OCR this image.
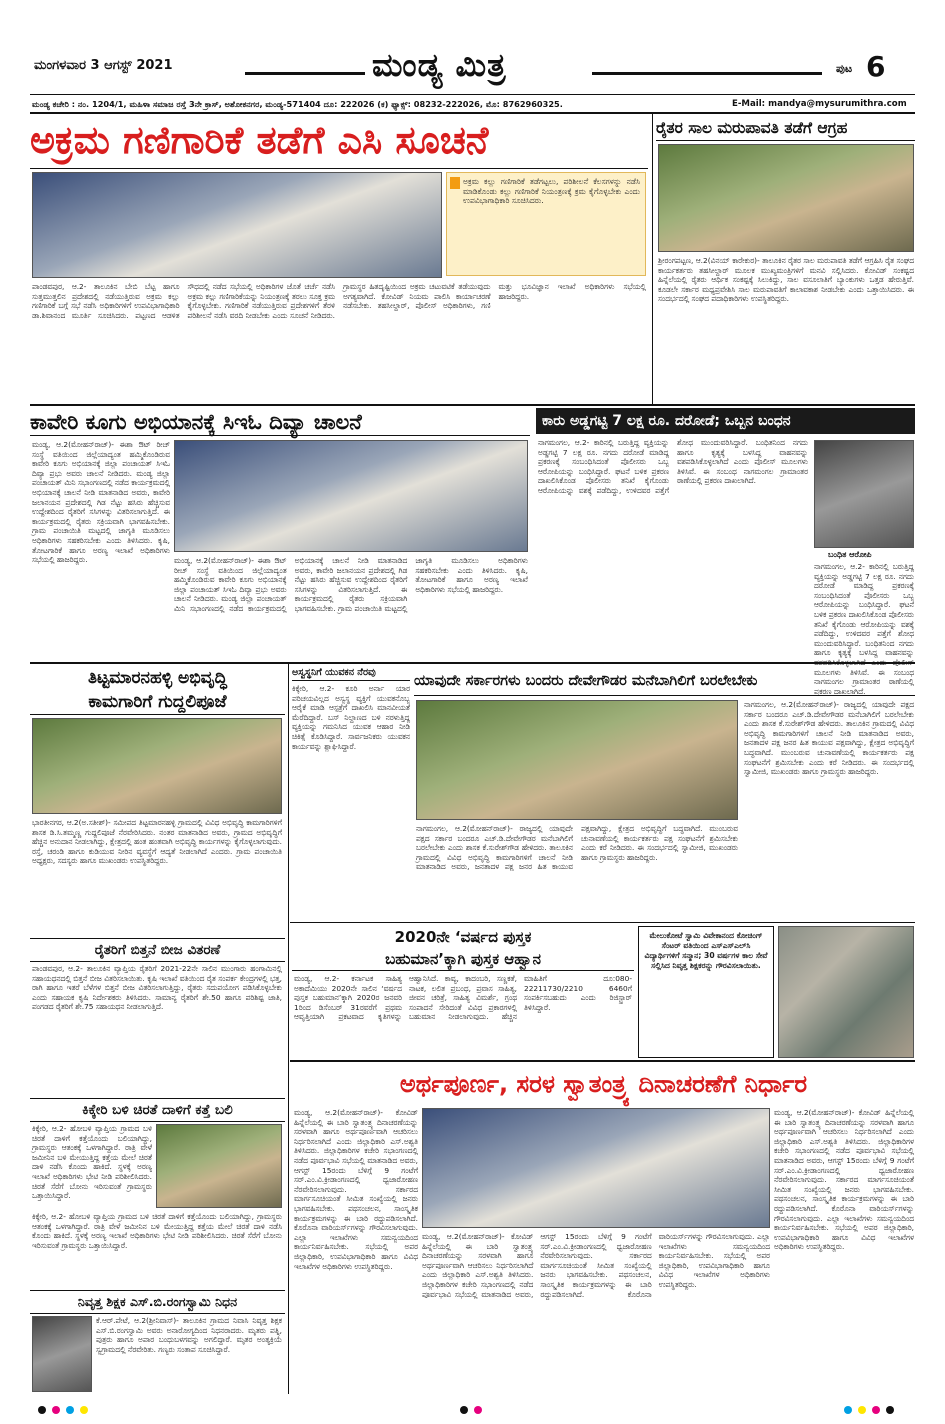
ಮಂಗಳವಾರ 3 ಆಗಸ್ಟ್ 2021	ಮಂಡ್ಯ ಮಿತ್ರ	ಪುಟ 6
ಮಂಡ್ಯ ಕಚೇರಿ : ನಂ. 1204/1, ಮಹಿಳಾ ಸಮಾಜ ರಸ್ತೆ 3ನೇ ಕ್ರಾಸ್, ಅಶೋಕನಗರ, ಮಂಡ್ಯ-571404 ದೂ: 222026 (ಕ) ಫ್ಯಾಕ್ಸ್: 08232-222026, ಮೊ: 8762960325.	E-Mail: mandya@mysurumithra.com
ಅಕ್ರಮ ಗಣಿಗಾರಿಕೆ ತಡೆಗೆ ಎಸಿ ಸೂಚನೆ
ಅಕ್ರಮ ಕಲ್ಲು ಗಣಿಗಾರಿಕೆ ತಡೆಗಟ್ಟಲು, ಪರಿಶೀಲನೆ ಕೆಲಸಗಳನ್ನು ನಡೆಸಿ ಮಾಡಿಕೊಂಡು ಕಲ್ಲು ಗಣಿಗಾರಿಕೆ ನಿಯಂತ್ರಣಕ್ಕೆ ಕ್ರಮ ಕೈಗೊಳ್ಳಬೇಕು ಎಂದು ಉಪವಿಭಾಗಾಧಿಕಾರಿ ಸೂಚಿಸಿದರು.
ಪಾಂಡವಪುರ, ಆ.2- ತಾಲೂಕಿನ ಬೇಬಿ ಬೆಟ್ಟ ಹಾಗೂ ಸುತ್ತಮುತ್ತಲಿನ ಪ್ರದೇಶದಲ್ಲಿ ನಡೆಯುತ್ತಿರುವ ಅಕ್ರಮ ಕಲ್ಲು ಗಣಿಗಾರಿಕೆ ಬಗ್ಗೆ ಸಭೆ ನಡೆಸಿ ಅಧಿಕಾರಿಗಳಿಗೆ ಉಪವಿಭಾಗಾಧಿಕಾರಿ ಡಾ.ಶಿವಾನಂದ ಮೂರ್ತಿ ಸೂಚಿಸಿದರು. ಪಟ್ಟಣದ ಆಡಳಿತ ಸೌಧದಲ್ಲಿ ನಡೆದ ಸಭೆಯಲ್ಲಿ ಅಧಿಕಾರಿಗಳ ಜೊತೆ ಚರ್ಚೆ ನಡೆಸಿ ಅಕ್ರಮ ಕಲ್ಲು ಗಣಿಗಾರಿಕೆಯನ್ನು ನಿಯಂತ್ರಣಕ್ಕೆ ತರಲು ಸೂಕ್ತ ಕ್ರಮ ಕೈಗೊಳ್ಳಬೇಕು. ಗಣಿಗಾರಿಕೆ ನಡೆಯುತ್ತಿರುವ ಪ್ರದೇಶಗಳಿಗೆ ತೆರಳಿ ಪರಿಶೀಲನೆ ನಡೆಸಿ ವರದಿ ನೀಡಬೇಕು ಎಂದು ಸೂಚನೆ ನೀಡಿದರು. ಗ್ರಾಮಸ್ಥರ ಹಿತದೃಷ್ಟಿಯಿಂದ ಅಕ್ರಮ ಚಟುವಟಿಕೆ ತಡೆಯುವುದು ಅಗತ್ಯವಾಗಿದೆ. ಕೋವಿಡ್ ನಿಯಮ ಪಾಲಿಸಿ ಕಾರ್ಯಾಚರಣೆ ನಡೆಸಬೇಕು. ತಹಸೀಲ್ದಾರ್, ಪೊಲೀಸ್ ಅಧಿಕಾರಿಗಳು, ಗಣಿ ಮತ್ತು ಭೂವಿಜ್ಞಾನ ಇಲಾಖೆ ಅಧಿಕಾರಿಗಳು ಸಭೆಯಲ್ಲಿ ಹಾಜರಿದ್ದರು.
ರೈತರ ಸಾಲ ಮರುಪಾವತಿ ತಡೆಗೆ ಆಗ್ರಹ
ಶ್ರೀರಂಗಪಟ್ಟಣ, ಆ.2(ವಿನಯ್ ಕಾರೇಕುರ)- ತಾಲೂಕಿನ ರೈತರ ಸಾಲ ಮರುಪಾವತಿ ತಡೆಗೆ ಆಗ್ರಹಿಸಿ ರೈತ ಸಂಘದ ಕಾರ್ಯಕರ್ತರು ತಹಸೀಲ್ದಾರ್ ಮೂಲಕ ಮುಖ್ಯಮಂತ್ರಿಗಳಿಗೆ ಮನವಿ ಸಲ್ಲಿಸಿದರು. ಕೋವಿಡ್ ಸಂಕಷ್ಟದ ಹಿನ್ನೆಲೆಯಲ್ಲಿ ರೈತರು ಆರ್ಥಿಕ ಸಂಕಷ್ಟಕ್ಕೆ ಸಿಲುಕಿದ್ದು, ಸಾಲ ವಸೂಲಾತಿಗೆ ಬ್ಯಾಂಕುಗಳು ಒತ್ತಡ ಹೇರುತ್ತಿವೆ. ಕೂಡಲೇ ಸರ್ಕಾರ ಮಧ್ಯಪ್ರವೇಶಿಸಿ ಸಾಲ ಮರುಪಾವತಿಗೆ ಕಾಲಾವಕಾಶ ನೀಡಬೇಕು ಎಂದು ಒತ್ತಾಯಿಸಿದರು. ಈ ಸಂದರ್ಭದಲ್ಲಿ ಸಂಘದ ಪದಾಧಿಕಾರಿಗಳು ಉಪಸ್ಥಿತರಿದ್ದರು.
ಕಾವೇರಿ ಕೂಗು ಅಭಿಯಾನಕ್ಕೆ ಸಿಇಓ ದಿವ್ಯಾ ಚಾಲನೆ
ಮಂಡ್ಯ, ಆ.2(ಮೋಹನ್‌ರಾಜ್)- ಈಶಾ ಔಟ್ ರೀಚ್ ಸಂಸ್ಥೆ ವತಿಯಿಂದ ಜಿಲ್ಲೆಯಾದ್ಯಂತ ಹಮ್ಮಿಕೊಂಡಿರುವ ಕಾವೇರಿ ಕೂಗು ಅಭಿಯಾನಕ್ಕೆ ಜಿಲ್ಲಾ ಪಂಚಾಯತ್ ಸಿಇಓ ದಿವ್ಯಾ ಪ್ರಭು ಅವರು ಚಾಲನೆ ನೀಡಿದರು. ಮಂಡ್ಯ ಜಿಲ್ಲಾ ಪಂಚಾಯತ್ ಮಿನಿ ಸಭಾಂಗಣದಲ್ಲಿ ನಡೆದ ಕಾರ್ಯಕ್ರಮದಲ್ಲಿ ಅಭಿಯಾನಕ್ಕೆ ಚಾಲನೆ ನೀಡಿ ಮಾತನಾಡಿದ ಅವರು, ಕಾವೇರಿ ಜಲಾನಯನ ಪ್ರದೇಶದಲ್ಲಿ ಗಿಡ ನೆಟ್ಟು ಹಸಿರು ಹೆಚ್ಚಿಸುವ ಉದ್ದೇಶದಿಂದ ರೈತರಿಗೆ ಸಸಿಗಳನ್ನು ವಿತರಿಸಲಾಗುತ್ತಿದೆ. ಈ ಕಾರ್ಯಕ್ರಮದಲ್ಲಿ ರೈತರು ಸಕ್ರಿಯವಾಗಿ ಭಾಗವಹಿಸಬೇಕು. ಗ್ರಾಮ ಪಂಚಾಯಿತಿ ಮಟ್ಟದಲ್ಲಿ ಜಾಗೃತಿ ಮೂಡಿಸಲು ಅಧಿಕಾರಿಗಳು ಸಹಕರಿಸಬೇಕು ಎಂದು ತಿಳಿಸಿದರು. ಕೃಷಿ, ತೋಟಗಾರಿಕೆ ಹಾಗೂ ಅರಣ್ಯ ಇಲಾಖೆ ಅಧಿಕಾರಿಗಳು ಸಭೆಯಲ್ಲಿ ಹಾಜರಿದ್ದರು.	ಮಂಡ್ಯ, ಆ.2(ಮೋಹನ್‌ರಾಜ್)- ಈಶಾ ಔಟ್ ರೀಚ್ ಸಂಸ್ಥೆ ವತಿಯಿಂದ ಜಿಲ್ಲೆಯಾದ್ಯಂತ ಹಮ್ಮಿಕೊಂಡಿರುವ ಕಾವೇರಿ ಕೂಗು ಅಭಿಯಾನಕ್ಕೆ ಜಿಲ್ಲಾ ಪಂಚಾಯತ್ ಸಿಇಓ ದಿವ್ಯಾ ಪ್ರಭು ಅವರು ಚಾಲನೆ ನೀಡಿದರು. ಮಂಡ್ಯ ಜಿಲ್ಲಾ ಪಂಚಾಯತ್ ಮಿನಿ ಸಭಾಂಗಣದಲ್ಲಿ ನಡೆದ ಕಾರ್ಯಕ್ರಮದಲ್ಲಿ ಅಭಿಯಾನಕ್ಕೆ ಚಾಲನೆ ನೀಡಿ ಮಾತನಾಡಿದ ಅವರು, ಕಾವೇರಿ ಜಲಾನಯನ ಪ್ರದೇಶದಲ್ಲಿ ಗಿಡ ನೆಟ್ಟು ಹಸಿರು ಹೆಚ್ಚಿಸುವ ಉದ್ದೇಶದಿಂದ ರೈತರಿಗೆ ಸಸಿಗಳನ್ನು ವಿತರಿಸಲಾಗುತ್ತಿದೆ. ಈ ಕಾರ್ಯಕ್ರಮದಲ್ಲಿ ರೈತರು ಸಕ್ರಿಯವಾಗಿ ಭಾಗವಹಿಸಬೇಕು. ಗ್ರಾಮ ಪಂಚಾಯಿತಿ ಮಟ್ಟದಲ್ಲಿ ಜಾಗೃತಿ ಮೂಡಿಸಲು ಅಧಿಕಾರಿಗಳು ಸಹಕರಿಸಬೇಕು ಎಂದು ತಿಳಿಸಿದರು. ಕೃಷಿ, ತೋಟಗಾರಿಕೆ ಹಾಗೂ ಅರಣ್ಯ ಇಲಾಖೆ ಅಧಿಕಾರಿಗಳು ಸಭೆಯಲ್ಲಿ ಹಾಜರಿದ್ದರು.
ಕಾರು ಅಡ್ಡಗಟ್ಟಿ 7 ಲಕ್ಷ ರೂ. ದರೋಡೆ; ಒಬ್ಬನ ಬಂಧನ
ನಾಗಮಂಗಲ, ಆ.2- ಕಾರಿನಲ್ಲಿ ಬರುತ್ತಿದ್ದ ವ್ಯಕ್ತಿಯನ್ನು ಅಡ್ಡಗಟ್ಟಿ 7 ಲಕ್ಷ ರೂ. ನಗದು ದರೋಡೆ ಮಾಡಿದ್ದ ಪ್ರಕರಣಕ್ಕೆ ಸಂಬಂಧಿಸಿದಂತೆ ಪೊಲೀಸರು ಒಬ್ಬ ಆರೋಪಿಯನ್ನು ಬಂಧಿಸಿದ್ದಾರೆ. ಘಟನೆ ಬಳಿಕ ಪ್ರಕರಣ ದಾಖಲಿಸಿಕೊಂಡ ಪೊಲೀಸರು ತನಿಖೆ ಕೈಗೊಂಡು ಆರೋಪಿಯನ್ನು ವಶಕ್ಕೆ ಪಡೆದಿದ್ದು, ಉಳಿದವರ ಪತ್ತೆಗೆ ಶೋಧ ಮುಂದುವರಿಸಿದ್ದಾರೆ. ಬಂಧಿತನಿಂದ ನಗದು ಹಾಗೂ ಕೃತ್ಯಕ್ಕೆ ಬಳಸಿದ್ದ ವಾಹನವನ್ನು ವಶಪಡಿಸಿಕೊಳ್ಳಲಾಗಿದೆ ಎಂದು ಪೊಲೀಸ್ ಮೂಲಗಳು ತಿಳಿಸಿವೆ. ಈ ಸಂಬಂಧ ನಾಗಮಂಗಲ ಗ್ರಾಮಾಂತರ ಠಾಣೆಯಲ್ಲಿ ಪ್ರಕರಣ ದಾಖಲಾಗಿದೆ.
ಬಂಧಿತ ಆರೋಪಿ
ನಾಗಮಂಗಲ, ಆ.2- ಕಾರಿನಲ್ಲಿ ಬರುತ್ತಿದ್ದ ವ್ಯಕ್ತಿಯನ್ನು ಅಡ್ಡಗಟ್ಟಿ 7 ಲಕ್ಷ ರೂ. ನಗದು ದರೋಡೆ ಮಾಡಿದ್ದ ಪ್ರಕರಣಕ್ಕೆ ಸಂಬಂಧಿಸಿದಂತೆ ಪೊಲೀಸರು ಒಬ್ಬ ಆರೋಪಿಯನ್ನು ಬಂಧಿಸಿದ್ದಾರೆ. ಘಟನೆ ಬಳಿಕ ಪ್ರಕರಣ ದಾಖಲಿಸಿಕೊಂಡ ಪೊಲೀಸರು ತನಿಖೆ ಕೈಗೊಂಡು ಆರೋಪಿಯನ್ನು ವಶಕ್ಕೆ ಪಡೆದಿದ್ದು, ಉಳಿದವರ ಪತ್ತೆಗೆ ಶೋಧ ಮುಂದುವರಿಸಿದ್ದಾರೆ. ಬಂಧಿತನಿಂದ ನಗದು ಹಾಗೂ ಕೃತ್ಯಕ್ಕೆ ಬಳಸಿದ್ದ ವಾಹನವನ್ನು ಮೂಲಗಳು ತಿಳಿಸಿವೆ. ಈ ಸಂಬಂಧ ನಾಗಮಂಗಲ ಗ್ರಾಮಾಂತರ ಠಾಣೆಯಲ್ಲಿ ಪ್ರಕರಣ ದಾಖಲಾಗಿದೆ.
ತಿಟ್ಟಮಾರನಹಳ್ಳಿ ಅಭಿವೃದ್ಧಿ
ಕಾಮಗಾರಿಗೆ ಗುದ್ದಲಿಪೂಜೆ
ಭಾರತೀನಗರ, ಆ.2(ಅ.ಸತೀಶ್)- ಸಮೀಪದ ತಿಟ್ಟಮಾರನಹಳ್ಳಿ ಗ್ರಾಮದಲ್ಲಿ ವಿವಿಧ ಅಭಿವೃದ್ಧಿ ಕಾಮಗಾರಿಗಳಿಗೆ ಶಾಸಕ ಡಿ.ಸಿ.ತಮ್ಮಣ್ಣ ಗುದ್ದಲಿಪೂಜೆ ನೆರವೇರಿಸಿದರು. ನಂತರ ಮಾತನಾಡಿದ ಅವರು, ಗ್ರಾಮದ ಅಭಿವೃದ್ಧಿಗೆ ಹೆಚ್ಚಿನ ಅನುದಾನ ನೀಡಲಾಗಿದ್ದು, ಕ್ಷೇತ್ರದಲ್ಲಿ ಹಂತ ಹಂತವಾಗಿ ಅಭಿವೃದ್ಧಿ ಕಾರ್ಯಗಳನ್ನು ಕೈಗೊಳ್ಳಲಾಗುವುದು. ರಸ್ತೆ, ಚರಂಡಿ ಹಾಗೂ ಕುಡಿಯುವ ನೀರಿನ ವ್ಯವಸ್ಥೆಗೆ ಆದ್ಯತೆ ನೀಡಲಾಗಿದೆ ಎಂದರು. ಗ್ರಾಮ ಪಂಚಾಯಿತಿ ಅಧ್ಯಕ್ಷರು, ಸದಸ್ಯರು ಹಾಗೂ ಮುಖಂಡರು ಉಪಸ್ಥಿತರಿದ್ದರು.
ರೈತರಿಗೆ ಬಿತ್ತನೆ ಬೀಜ ವಿತರಣೆ
ಪಾಂಡವಪುರ, ಆ.2- ತಾಲೂಕಿನ ವ್ಯಾಪ್ತಿಯ ರೈತರಿಗೆ 2021-22ನೇ ಸಾಲಿನ ಮುಂಗಾರು ಹಂಗಾಮಿನಲ್ಲಿ ಸಹಾಯಧನದಲ್ಲಿ ಬಿತ್ತನೆ ಬೀಜ ವಿತರಿಸಲಾಯಿತು. ಕೃಷಿ ಇಲಾಖೆ ವತಿಯಿಂದ ರೈತ ಸಂಪರ್ಕ ಕೇಂದ್ರಗಳಲ್ಲಿ ಭತ್ತ, ರಾಗಿ ಹಾಗೂ ಇತರೆ ಬೆಳೆಗಳ ಬಿತ್ತನೆ ಬೀಜ ವಿತರಿಸಲಾಗುತ್ತಿದ್ದು, ರೈತರು ಸದುಪಯೋಗ ಪಡಿಸಿಕೊಳ್ಳಬೇಕು ಎಂದು ಸಹಾಯಕ ಕೃಷಿ ನಿರ್ದೇಶಕರು ತಿಳಿಸಿದರು. ಸಾಮಾನ್ಯ ರೈತರಿಗೆ ಶೇ.50 ಹಾಗೂ ಪರಿಶಿಷ್ಟ ಜಾತಿ, ಪಂಗಡದ ರೈತರಿಗೆ ಶೇ.75 ಸಹಾಯಧನ ನೀಡಲಾಗುತ್ತಿದೆ.
ಕಿಕ್ಕೇರಿ ಬಳಿ ಚಿರತೆ ದಾಳಿಗೆ ಕತ್ತೆ ಬಲಿ
ಕಿಕ್ಕೇರಿ, ಆ.2- ಹೋಬಳಿ ವ್ಯಾಪ್ತಿಯ ಗ್ರಾಮದ ಬಳಿ ಚಿರತೆ ದಾಳಿಗೆ ಕತ್ತೆಯೊಂದು ಬಲಿಯಾಗಿದ್ದು, ಗ್ರಾಮಸ್ಥರು ಆತಂಕಕ್ಕೆ ಒಳಗಾಗಿದ್ದಾರೆ. ರಾತ್ರಿ ವೇಳೆ ಜಮೀನಿನ ಬಳಿ ಮೇಯುತ್ತಿದ್ದ ಕತ್ತೆಯ ಮೇಲೆ ಚಿರತೆ ದಾಳಿ ನಡೆಸಿ ಕೊಂದು ಹಾಕಿದೆ. ಸ್ಥಳಕ್ಕೆ ಅರಣ್ಯ ಇಲಾಖೆ ಅಧಿಕಾರಿಗಳು ಭೇಟಿ ನೀಡಿ ಪರಿಶೀಲಿಸಿದರು. ಚಿರತೆ ಸೆರೆಗೆ ಬೋನು ಇರಿಸುವಂತೆ ಗ್ರಾಮಸ್ಥರು ಒತ್ತಾಯಿಸಿದ್ದಾರೆ.
ಕಿಕ್ಕೇರಿ, ಆ.2- ಹೋಬಳಿ ವ್ಯಾಪ್ತಿಯ ಗ್ರಾಮದ ಬಳಿ ಚಿರತೆ ದಾಳಿಗೆ ಕತ್ತೆಯೊಂದು ಬಲಿಯಾಗಿದ್ದು, ಗ್ರಾಮಸ್ಥರು ಆತಂಕಕ್ಕೆ ಒಳಗಾಗಿದ್ದಾರೆ. ರಾತ್ರಿ ವೇಳೆ ಜಮೀನಿನ ಬಳಿ ಮೇಯುತ್ತಿದ್ದ ಕತ್ತೆಯ ಮೇಲೆ ಚಿರತೆ ದಾಳಿ ನಡೆಸಿ ಕೊಂದು ಹಾಕಿದೆ. ಸ್ಥಳಕ್ಕೆ ಅರಣ್ಯ ಇಲಾಖೆ ಅಧಿಕಾರಿಗಳು ಭೇಟಿ ನೀಡಿ ಪರಿಶೀಲಿಸಿದರು. ಚಿರತೆ ಸೆರೆಗೆ ಬೋನು ಇರಿಸುವಂತೆ ಗ್ರಾಮಸ್ಥರು ಒತ್ತಾಯಿಸಿದ್ದಾರೆ.
ನಿವೃತ್ತ ಶಿಕ್ಷಕ ಎಸ್.ಬಿ.ರಂಗಸ್ವಾಮಿ ನಿಧನ
ಕೆ.ಆರ್.ಪೇಟೆ, ಆ.2(ಶ್ರೀನಿವಾಸ್)- ತಾಲೂಕಿನ ಗ್ರಾಮದ ನಿವಾಸಿ ನಿವೃತ್ತ ಶಿಕ್ಷಕ ಎಸ್.ಬಿ.ರಂಗಸ್ವಾಮಿ ಅವರು ಅನಾರೋಗ್ಯದಿಂದ ನಿಧನರಾದರು. ಮೃತರು ಪತ್ನಿ, ಪುತ್ರರು ಹಾಗೂ ಅಪಾರ ಬಂಧುಬಳಗವನ್ನು ಅಗಲಿದ್ದಾರೆ. ಮೃತರ ಅಂತ್ಯಕ್ರಿಯೆ ಸ್ವಗ್ರಾಮದಲ್ಲಿ ನೆರವೇರಿತು. ಗಣ್ಯರು ಸಂತಾಪ ಸೂಚಿಸಿದ್ದಾರೆ.
ಅಸ್ವಸ್ಥನಿಗೆ ಯುವಕನ ನೆರವು
ಕಿಕ್ಕೇರಿ, ಆ.2- ಕೂರಿ ಅರ್ನಾ ಯಾರ ಪರಿಚಯವಿಲ್ಲದ ಅಸ್ವಸ್ಥ ವ್ಯಕ್ತಿಗೆ ಯುವಕನೊಬ್ಬ ಆರೈಕೆ ಮಾಡಿ ಆಸ್ಪತ್ರೆಗೆ ದಾಖಲಿಸಿ ಮಾನವೀಯತೆ ಮೆರೆದಿದ್ದಾರೆ. ಬಸ್ ನಿಲ್ದಾಣದ ಬಳಿ ನರಳುತ್ತಿದ್ದ ವ್ಯಕ್ತಿಯನ್ನು ಗಮನಿಸಿದ ಯುವಕ ಆಹಾರ ನೀಡಿ ಚಿಕಿತ್ಸೆ ಕೊಡಿಸಿದ್ದಾರೆ. ಸಾರ್ವಜನಿಕರು ಯುವಕನ ಕಾರ್ಯವನ್ನು ಶ್ಲಾಘಿಸಿದ್ದಾರೆ.
ಯಾವುದೇ ಸರ್ಕಾರಗಳು ಬಂದರು ದೇವೇಗೌಡರ ಮನೆಬಾಗಿಲಿಗೆ ಬರಲೇಬೇಕು
ನಾಗಮಂಗಲ, ಆ.2(ಮೋಹನ್‌ರಾಜ್)- ರಾಜ್ಯದಲ್ಲಿ ಯಾವುದೇ ಪಕ್ಷದ ಸರ್ಕಾರ ಬಂದರೂ ಎಚ್.ಡಿ.ದೇವೇಗೌಡರ ಮನೆಬಾಗಿಲಿಗೆ ಬರಲೇಬೇಕು ಎಂದು ಶಾಸಕ ಕೆ.ಸುರೇಶ್‌ಗೌಡ ಹೇಳಿದರು. ತಾಲೂಕಿನ ಗ್ರಾಮದಲ್ಲಿ ವಿವಿಧ ಅಭಿವೃದ್ಧಿ ಕಾಮಗಾರಿಗಳಿಗೆ ಚಾಲನೆ ನೀಡಿ ಮಾತನಾಡಿದ ಅವರು, ಜನತಾದಳ ಪಕ್ಷ ಜನರ ಹಿತ ಕಾಯುವ ಪಕ್ಷವಾಗಿದ್ದು, ಕ್ಷೇತ್ರದ ಅಭಿವೃದ್ಧಿಗೆ ಬದ್ಧವಾಗಿದೆ. ಮುಂಬರುವ ಚುನಾವಣೆಯಲ್ಲಿ ಕಾರ್ಯಕರ್ತರು ಪಕ್ಷ ಸಂಘಟನೆಗೆ ಶ್ರಮಿಸಬೇಕು ಎಂದು ಕರೆ ನೀಡಿದರು. ಈ ಸಂದರ್ಭದಲ್ಲಿ ಸ್ವಾಮೀಜಿ, ಮುಖಂಡರು ಹಾಗೂ ಗ್ರಾಮಸ್ಥರು ಹಾಜರಿದ್ದರು.
ನಾಗಮಂಗಲ, ಆ.2(ಮೋಹನ್‌ರಾಜ್)- ರಾಜ್ಯದಲ್ಲಿ ಯಾವುದೇ ಪಕ್ಷದ ಸರ್ಕಾರ ಬಂದರೂ ಎಚ್.ಡಿ.ದೇವೇಗೌಡರ ಮನೆಬಾಗಿಲಿಗೆ ಬರಲೇಬೇಕು ಎಂದು ಶಾಸಕ ಕೆ.ಸುರೇಶ್‌ಗೌಡ ಹೇಳಿದರು. ತಾಲೂಕಿನ ಗ್ರಾಮದಲ್ಲಿ ವಿವಿಧ ಅಭಿವೃದ್ಧಿ ಕಾಮಗಾರಿಗಳಿಗೆ ಚಾಲನೆ ನೀಡಿ ಮಾತನಾಡಿದ ಅವರು, ಜನತಾದಳ ಪಕ್ಷ ಜನರ ಹಿತ ಕಾಯುವ ಪಕ್ಷವಾಗಿದ್ದು, ಕ್ಷೇತ್ರದ ಅಭಿವೃದ್ಧಿಗೆ ಬದ್ಧವಾಗಿದೆ. ಮುಂಬರುವ ಚುನಾವಣೆಯಲ್ಲಿ ಕಾರ್ಯಕರ್ತರು ಪಕ್ಷ ಸಂಘಟನೆಗೆ ಶ್ರಮಿಸಬೇಕು ಎಂದು ಕರೆ ನೀಡಿದರು. ಈ ಸಂದರ್ಭದಲ್ಲಿ ಸ್ವಾಮೀಜಿ, ಮುಖಂಡರು ಹಾಗೂ ಗ್ರಾಮಸ್ಥರು ಹಾಜರಿದ್ದರು.
2020ನೇ ‘ವರ್ಷದ ಪುಸ್ತಕ
ಬಹುಮಾನ’ಕ್ಕಾಗಿ ಪುಸ್ತಕ ಆಹ್ವಾನ
ಮಂಡ್ಯ, ಆ.2- ಕರ್ನಾಟಕ ಸಾಹಿತ್ಯ ಅಕಾದೆಮಿಯು 2020ನೇ ಸಾಲಿನ ‘ವರ್ಷದ ಪುಸ್ತಕ ಬಹುಮಾನ’ಕ್ಕಾಗಿ 2020ರ ಜನವರಿ 1ರಿಂದ ಡಿಸೆಂಬರ್ 31ರವರೆಗೆ ಪ್ರಥಮ ಆವೃತ್ತಿಯಾಗಿ ಪ್ರಕಟವಾದ ಕೃತಿಗಳನ್ನು ಆಹ್ವಾನಿಸಿದೆ. ಕಾವ್ಯ, ಕಾದಂಬರಿ, ಸಣ್ಣಕತೆ, ನಾಟಕ, ಲಲಿತ ಪ್ರಬಂಧ, ಪ್ರವಾಸ ಸಾಹಿತ್ಯ, ಜೀವನ ಚರಿತ್ರೆ, ಸಾಹಿತ್ಯ ವಿಮರ್ಶೆ, ಗ್ರಂಥ ಸಂಪಾದನೆ ಸೇರಿದಂತೆ ವಿವಿಧ ಪ್ರಕಾರಗಳಲ್ಲಿ ಬಹುಮಾನ ನೀಡಲಾಗುವುದು. ಹೆಚ್ಚಿನ ಮಾಹಿತಿಗೆ ದೂ:080-22211730/2210 6460ಗೆ ಸಂಪರ್ಕಿಸಬಹುದು ಎಂದು ರಿಜಿಸ್ಟ್ರಾರ್ ತಿಳಿಸಿದ್ದಾರೆ.
ಮೇಲುಕೋಟೆ ಸ್ವಾಮಿ ವಿವೇಕಾನಂದ ಕೋಚಿಂಗ್ ಸೆಂಟರ್ ವತಿಯಿಂದ ಎಸ್‌ಎಸ್‌ಎಲ್‌ಸಿ ವಿದ್ಯಾರ್ಥಿಗಳಿಗೆ ಸನ್ಮಾನ; 30 ವರ್ಷಗಳ ಕಾಲ ಸೇವೆ ಸಲ್ಲಿಸಿದ ನಿವೃತ್ತ ಶಿಕ್ಷಕರನ್ನು ಗೌರವಿಸಲಾಯಿತು.
ಅರ್ಥಪೂರ್ಣ, ಸರಳ ಸ್ವಾತಂತ್ರ್ಯ ದಿನಾಚರಣೆಗೆ ನಿರ್ಧಾರ
ಮಂಡ್ಯ, ಆ.2(ಮೋಹನ್‌ರಾಜ್)- ಕೋವಿಡ್ ಹಿನ್ನೆಲೆಯಲ್ಲಿ ಈ ಬಾರಿ ಸ್ವಾತಂತ್ರ್ಯ ದಿನಾಚರಣೆಯನ್ನು ಸರಳವಾಗಿ ಹಾಗೂ ಅರ್ಥಪೂರ್ಣವಾಗಿ ಆಚರಿಸಲು ನಿರ್ಧರಿಸಲಾಗಿದೆ ಎಂದು ಜಿಲ್ಲಾಧಿಕಾರಿ ಎಸ್.ಅಶ್ವತಿ ತಿಳಿಸಿದರು. ಜಿಲ್ಲಾಧಿಕಾರಿಗಳ ಕಚೇರಿ ಸಭಾಂಗಣದಲ್ಲಿ ನಡೆದ ಪೂರ್ವಭಾವಿ ಸಭೆಯಲ್ಲಿ ಮಾತನಾಡಿದ ಅವರು, ಆಗಸ್ಟ್ 15ರಂದು ಬೆಳಿಗ್ಗೆ 9 ಗಂಟೆಗೆ ಸರ್.ಎಂ.ವಿ.ಕ್ರೀಡಾಂಗಣದಲ್ಲಿ ಧ್ವಜಾರೋಹಣ ನೆರವೇರಿಸಲಾಗುವುದು. ಸರ್ಕಾರದ ಮಾರ್ಗಸೂಚಿಯಂತೆ ಸೀಮಿತ ಸಂಖ್ಯೆಯಲ್ಲಿ ಜನರು ಭಾಗವಹಿಸಬೇಕು. ಪಥಸಂಚಲನ, ಸಾಂಸ್ಕೃತಿಕ ಕಾರ್ಯಕ್ರಮಗಳನ್ನು ಈ ಬಾರಿ ರದ್ದುಪಡಿಸಲಾಗಿದೆ. ಕೊರೊನಾ ವಾರಿಯರ್ಸ್‌ಗಳನ್ನು ಗೌರವಿಸಲಾಗುವುದು. ಎಲ್ಲಾ ಇಲಾಖೆಗಳು ಸಮನ್ವಯದಿಂದ ಕಾರ್ಯನಿರ್ವಹಿಸಬೇಕು. ಸಭೆಯಲ್ಲಿ ಅಪರ ಜಿಲ್ಲಾಧಿಕಾರಿ, ಉಪವಿಭಾಗಾಧಿಕಾರಿ ಹಾಗೂ ವಿವಿಧ ಇಲಾಖೆಗಳ ಅಧಿಕಾರಿಗಳು ಉಪಸ್ಥಿತರಿದ್ದರು.
ಮಂಡ್ಯ, ಆ.2(ಮೋಹನ್‌ರಾಜ್)- ಕೋವಿಡ್ ಹಿನ್ನೆಲೆಯಲ್ಲಿ ಈ ಬಾರಿ ಸ್ವಾತಂತ್ರ್ಯ ದಿನಾಚರಣೆಯನ್ನು ಸರಳವಾಗಿ ಹಾಗೂ ಅರ್ಥಪೂರ್ಣವಾಗಿ ಆಚರಿಸಲು ನಿರ್ಧರಿಸಲಾಗಿದೆ ಎಂದು ಜಿಲ್ಲಾಧಿಕಾರಿ ಎಸ್.ಅಶ್ವತಿ ತಿಳಿಸಿದರು. ಜಿಲ್ಲಾಧಿಕಾರಿಗಳ ಕಚೇರಿ ಸಭಾಂಗಣದಲ್ಲಿ ನಡೆದ ಪೂರ್ವಭಾವಿ ಸಭೆಯಲ್ಲಿ ಮಾತನಾಡಿದ ಅವರು, ಆಗಸ್ಟ್ 15ರಂದು ಬೆಳಿಗ್ಗೆ 9 ಗಂಟೆಗೆ ಸರ್.ಎಂ.ವಿ.ಕ್ರೀಡಾಂಗಣದಲ್ಲಿ ಧ್ವಜಾರೋಹಣ ನೆರವೇರಿಸಲಾಗುವುದು. ಸರ್ಕಾರದ ಮಾರ್ಗಸೂಚಿಯಂತೆ ಸೀಮಿತ ಸಂಖ್ಯೆಯಲ್ಲಿ ಜನರು ಭಾಗವಹಿಸಬೇಕು. ಪಥಸಂಚಲನ, ಸಾಂಸ್ಕೃತಿಕ ಕಾರ್ಯಕ್ರಮಗಳನ್ನು ಈ ಬಾರಿ ರದ್ದುಪಡಿಸಲಾಗಿದೆ. ಕೊರೊನಾ ವಾರಿಯರ್ಸ್‌ಗಳನ್ನು ಗೌರವಿಸಲಾಗುವುದು. ಎಲ್ಲಾ ಇಲಾಖೆಗಳು ಸಮನ್ವಯದಿಂದ ಕಾರ್ಯನಿರ್ವಹಿಸಬೇಕು. ಸಭೆಯಲ್ಲಿ ಅಪರ ಜಿಲ್ಲಾಧಿಕಾರಿ, ಉಪವಿಭಾಗಾಧಿಕಾರಿ ಹಾಗೂ ವಿವಿಧ ಇಲಾಖೆಗಳ ಅಧಿಕಾರಿಗಳು ಉಪಸ್ಥಿತರಿದ್ದರು.
ಮಂಡ್ಯ, ಆ.2(ಮೋಹನ್‌ರಾಜ್)- ಕೋವಿಡ್ ಹಿನ್ನೆಲೆಯಲ್ಲಿ ಈ ಬಾರಿ ಸ್ವಾತಂತ್ರ್ಯ ದಿನಾಚರಣೆಯನ್ನು ಸರಳವಾಗಿ ಹಾಗೂ ಅರ್ಥಪೂರ್ಣವಾಗಿ ಆಚರಿಸಲು ನಿರ್ಧರಿಸಲಾಗಿದೆ ಎಂದು ಜಿಲ್ಲಾಧಿಕಾರಿ ಎಸ್.ಅಶ್ವತಿ ತಿಳಿಸಿದರು. ಜಿಲ್ಲಾಧಿಕಾರಿಗಳ ಕಚೇರಿ ಸಭಾಂಗಣದಲ್ಲಿ ನಡೆದ ಪೂರ್ವಭಾವಿ ಸಭೆಯಲ್ಲಿ ಮಾತನಾಡಿದ ಅವರು, ಆಗಸ್ಟ್ 15ರಂದು ಬೆಳಿಗ್ಗೆ 9 ಗಂಟೆಗೆ ಸರ್.ಎಂ.ವಿ.ಕ್ರೀಡಾಂಗಣದಲ್ಲಿ ಧ್ವಜಾರೋಹಣ ನೆರವೇರಿಸಲಾಗುವುದು. ಸರ್ಕಾರದ ಮಾರ್ಗಸೂಚಿಯಂತೆ ಸೀಮಿತ ಸಂಖ್ಯೆಯಲ್ಲಿ ಜನರು ಭಾಗವಹಿಸಬೇಕು. ಪಥಸಂಚಲನ, ಸಾಂಸ್ಕೃತಿಕ ಕಾರ್ಯಕ್ರಮಗಳನ್ನು ಈ ಬಾರಿ ರದ್ದುಪಡಿಸಲಾಗಿದೆ. ಕೊರೊನಾ ವಾರಿಯರ್ಸ್‌ಗಳನ್ನು ಗೌರವಿಸಲಾಗುವುದು. ಎಲ್ಲಾ ಇಲಾಖೆಗಳು ಸಮನ್ವಯದಿಂದ ಕಾರ್ಯನಿರ್ವಹಿಸಬೇಕು. ಸಭೆಯಲ್ಲಿ ಅಪರ ಜಿಲ್ಲಾಧಿಕಾರಿ, ಉಪವಿಭಾಗಾಧಿಕಾರಿ ಹಾಗೂ ವಿವಿಧ ಇಲಾಖೆಗಳ ಅಧಿಕಾರಿಗಳು ಉಪಸ್ಥಿತರಿದ್ದರು.
